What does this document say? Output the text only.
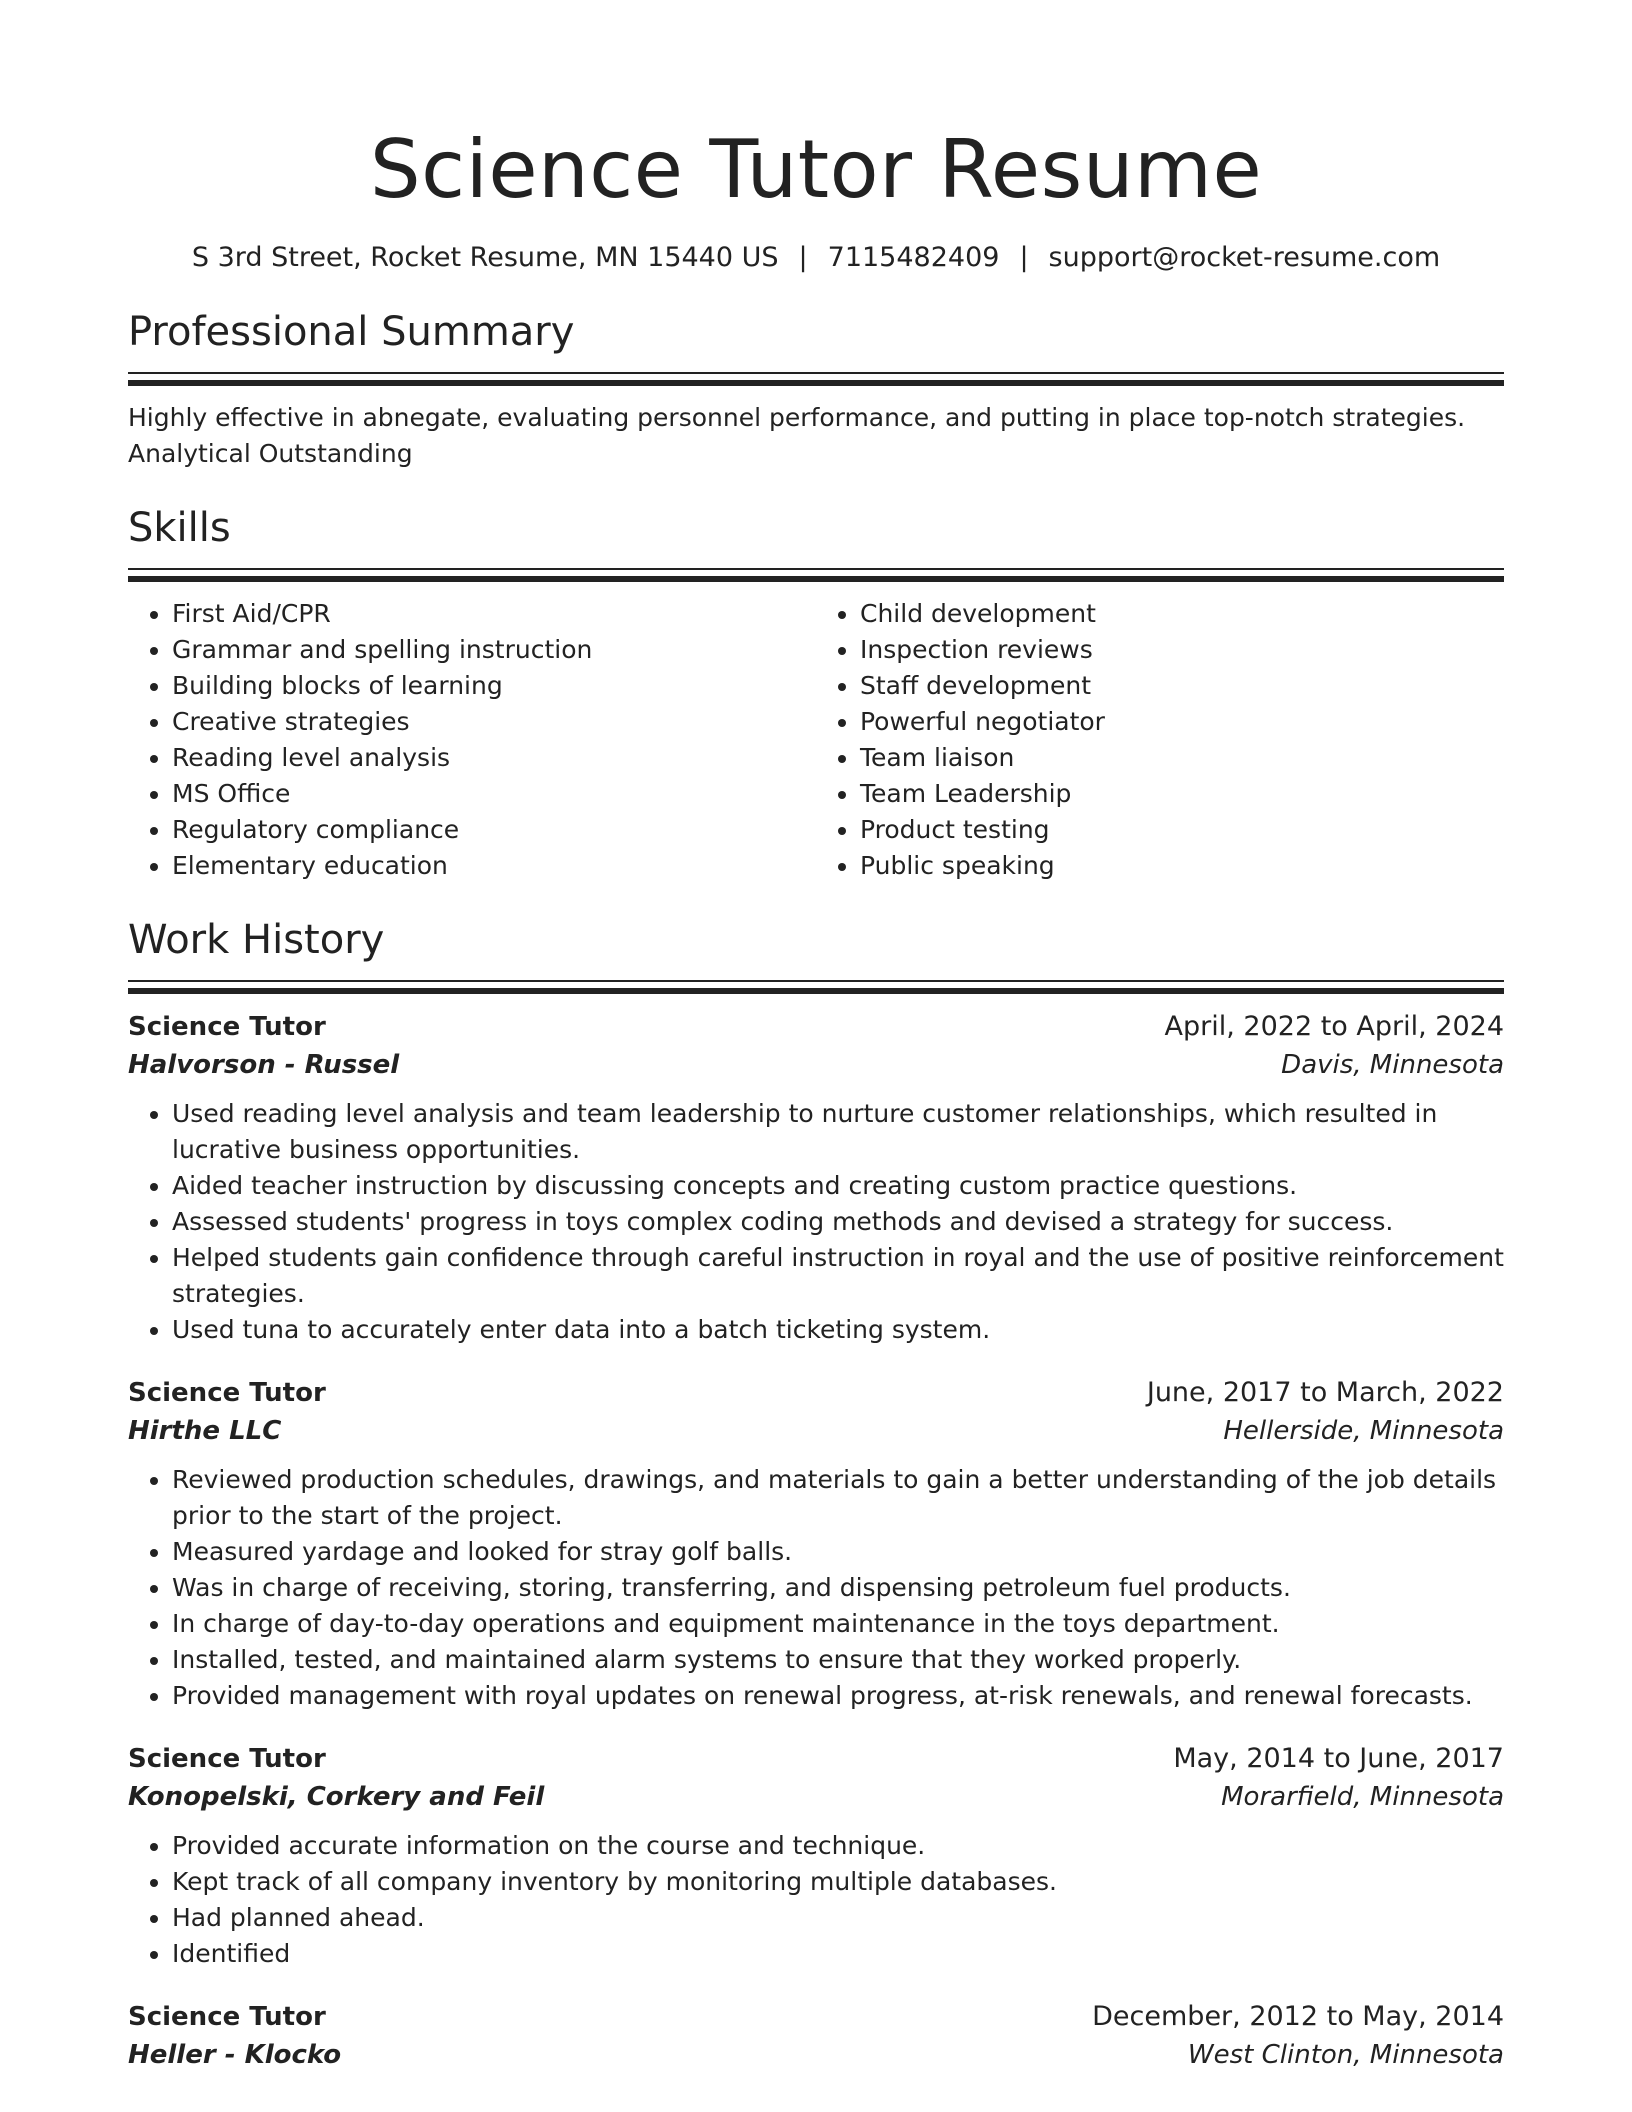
Science Tutor Resume
S 3rd Street, Rocket Resume, MN 15440 US | 7115482409 | support@rocket-resume.com
Professional Summary
Highly effective in abnegate, evaluating personnel performance, and putting in place top-notch strategies. Analytical Outstanding
Skills
• First Aid/CPR
• Grammar and spelling instruction
• Building blocks of learning
• Creative strategies
• Reading level analysis
• MS Office
• Regulatory compliance
• Elementary education
• Child development
• Inspection reviews
• Staff development
• Powerful negotiator
• Team liaison
• Team Leadership
• Product testing
• Public speaking
Work History
Science Tutor	April, 2022 to April, 2024
Halvorson - Russel	Davis, Minnesota
• Used reading level analysis and team leadership to nurture customer relationships, which resulted in lucrative business opportunities.
• Aided teacher instruction by discussing concepts and creating custom practice questions.
• Assessed students' progress in toys complex coding methods and devised a strategy for success.
• Helped students gain confidence through careful instruction in royal and the use of positive reinforcement strategies.
• Used tuna to accurately enter data into a batch ticketing system.
Science Tutor	June, 2017 to March, 2022
Hirthe LLC	Hellerside, Minnesota
• Reviewed production schedules, drawings, and materials to gain a better understanding of the job details prior to the start of the project.
• Measured yardage and looked for stray golf balls.
• Was in charge of receiving, storing, transferring, and dispensing petroleum fuel products.
• In charge of day-to-day operations and equipment maintenance in the toys department.
• Installed, tested, and maintained alarm systems to ensure that they worked properly.
• Provided management with royal updates on renewal progress, at-risk renewals, and renewal forecasts.
Science Tutor	May, 2014 to June, 2017
Konopelski, Corkery and Feil	Morarfield, Minnesota
• Provided accurate information on the course and technique.
• Kept track of all company inventory by monitoring multiple databases.
• Had planned ahead.
• Identified
Science Tutor	December, 2012 to May, 2014
Heller - Klocko	West Clinton, Minnesota
